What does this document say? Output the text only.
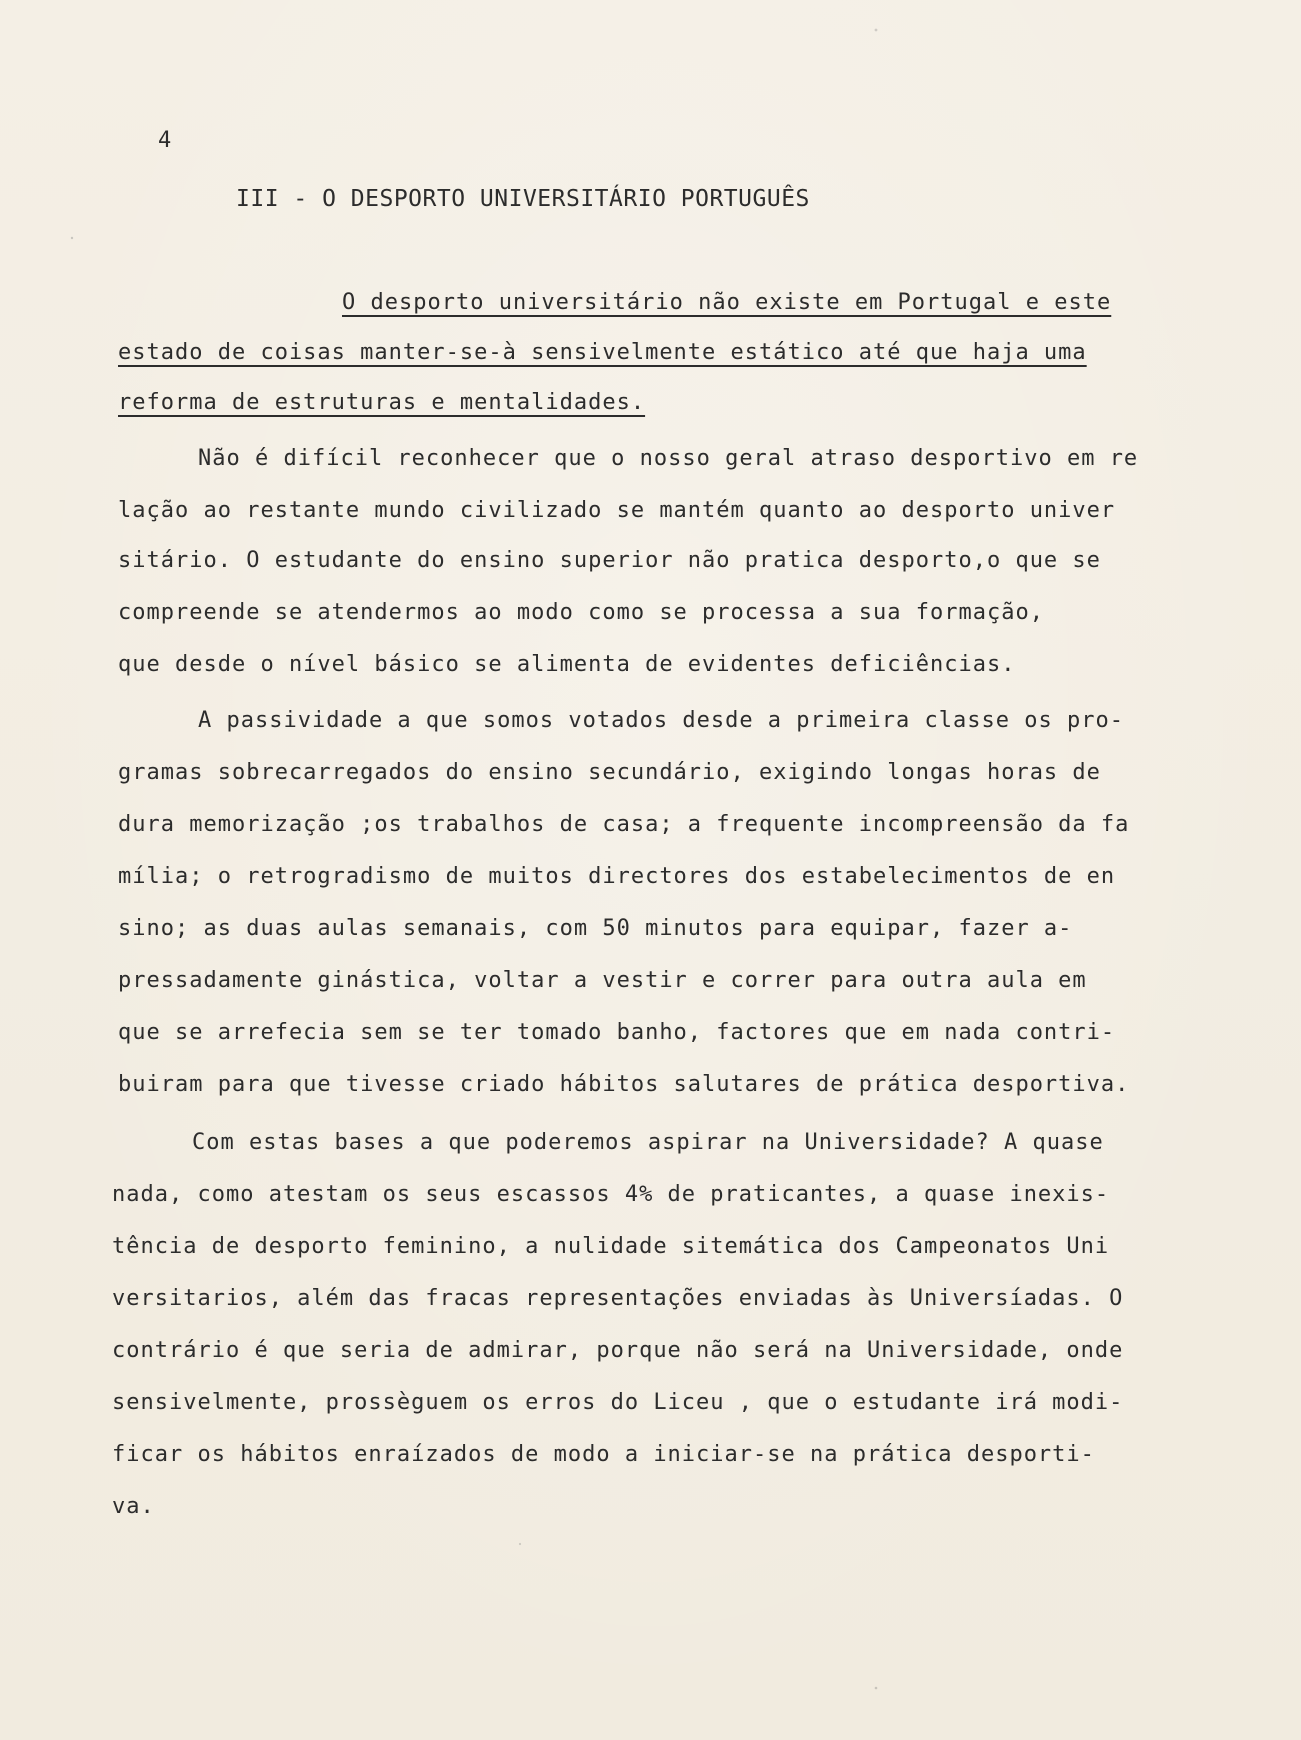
4
III - O DESPORTO UNIVERSITÁRIO PORTUGUÊS
O desporto universitário não existe em Portugal e este
estado de coisas manter-se-à sensivelmente estático até que haja uma
reforma de estruturas e mentalidades.
Não é difícil reconhecer que o nosso geral atraso desportivo em re
lação ao restante mundo civilizado se mantém quanto ao desporto univer
sitário. O estudante do ensino superior não pratica desporto,o que se
compreende se atendermos ao modo como se processa a sua formação,
que desde o nível básico se alimenta de evidentes deficiências.
A passividade a que somos votados desde a primeira classe os pro-
gramas sobrecarregados do ensino secundário, exigindo longas horas de
dura memorização ;os trabalhos de casa; a frequente incompreensão da fa
mília; o retrogradismo de muitos directores dos estabelecimentos de en
sino; as duas aulas semanais, com 50 minutos para equipar, fazer a-
pressadamente ginástica, voltar a vestir e correr para outra aula em
que se arrefecia sem se ter tomado banho, factores que em nada contri-
buiram para que tivesse criado hábitos salutares de prática desportiva.
Com estas bases a que poderemos aspirar na Universidade? A quase
nada, como atestam os seus escassos 4% de praticantes, a quase inexis-
tência de desporto feminino, a nulidade sitemática dos Campeonatos Uni
versitarios, além das fracas representações enviadas às Universíadas. O
contrário é que seria de admirar, porque não será na Universidade, onde
sensivelmente, prossèguem os erros do Liceu , que o estudante irá modi-
ficar os hábitos enraízados de modo a iniciar-se na prática desporti-
va.
